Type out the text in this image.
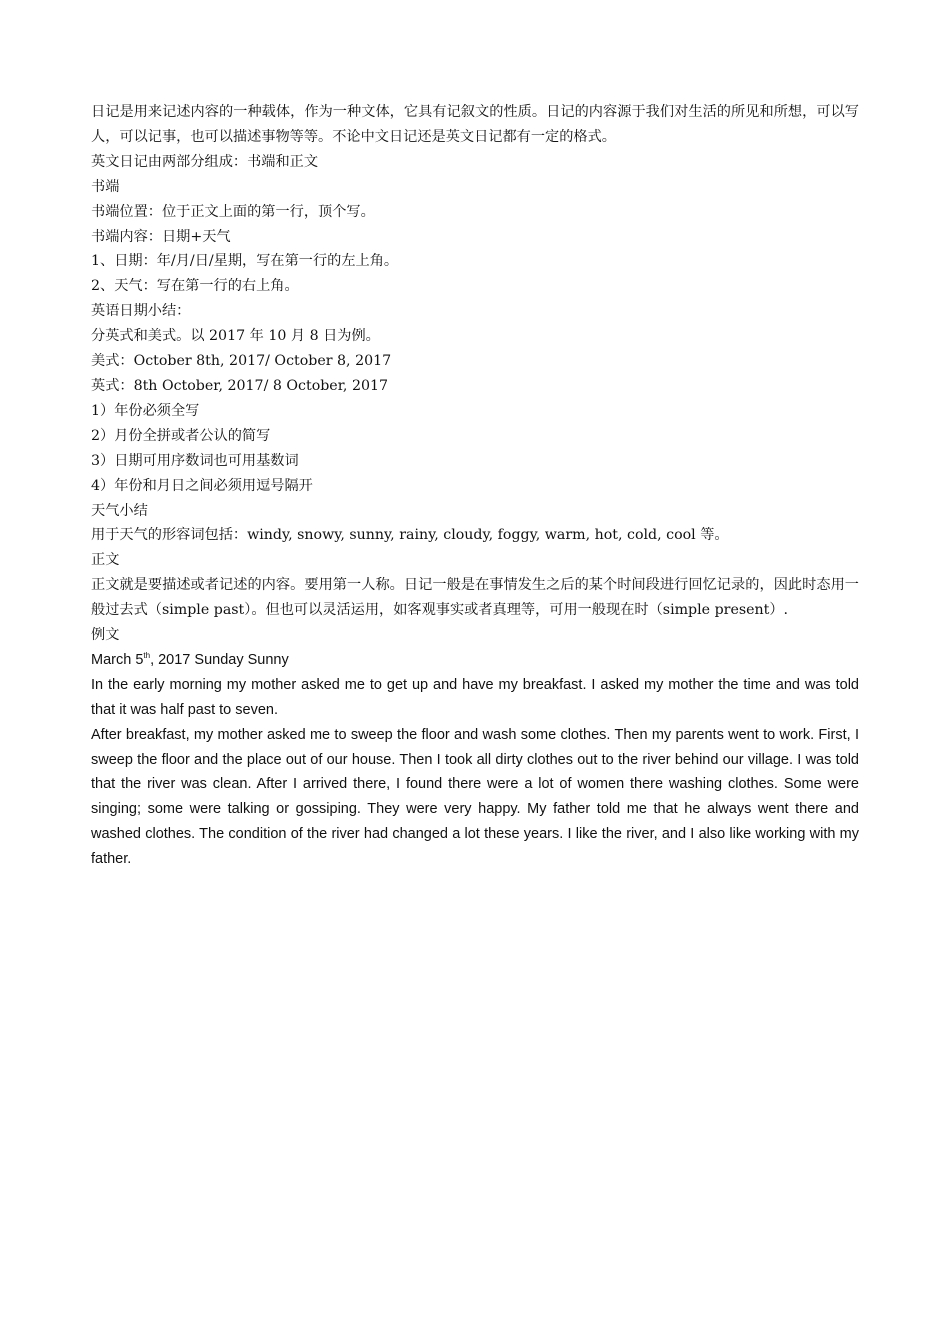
日记是用来记述内容的一种载体，作为一种文体，它具有记叙文的性质。日记的内容源于我们对生活的所见和所想，可以写人，可以记事，也可以描述事物等等。不论中文日记还是英文日记都有一定的格式。

英文日记由两部分组成：书端和正文

书端

书端位置：位于正文上面的第一行，顶个写。

书端内容：日期+天气

1、日期：年/月/日/星期，写在第一行的左上角。

2、天气：写在第一行的右上角。

英语日期小结：

分英式和美式。以 2017 年 10 月 8 日为例。

美式：October 8th, 2017/ October 8, 2017

英式：8th October, 2017/ 8 October, 2017

1）年份必须全写

2）月份全拼或者公认的简写

3）日期可用序数词也可用基数词

4）年份和月日之间必须用逗号隔开

天气小结

用于天气的形容词包括：windy, snowy, sunny, rainy, cloudy, foggy, warm, hot, cold, cool 等。

正文

正文就是要描述或者记述的内容。要用第一人称。日记一般是在事情发生之后的某个时间段进行回忆记录的，因此时态用一般过去式（simple past）。但也可以灵活运用，如客观事实或者真理等，可用一般现在时（simple present）.

例文

March 5th, 2017 Sunday Sunny

In the early morning my mother asked me to get up and have my breakfast. I asked my mother the time and was told that it was half past to seven.

After breakfast, my mother asked me to sweep the floor and wash some clothes. Then my parents went to work. First, I sweep the floor and the place out of our house. Then I took all dirty clothes out to the river behind our village. I was told that the river was clean. After I arrived there, I found there were a lot of women there washing clothes. Some were singing; some were talking or gossiping. They were very happy. My father told me that he always went there and washed clothes. The condition of the river had changed a lot these years. I like the river, and I also like working with my father.
